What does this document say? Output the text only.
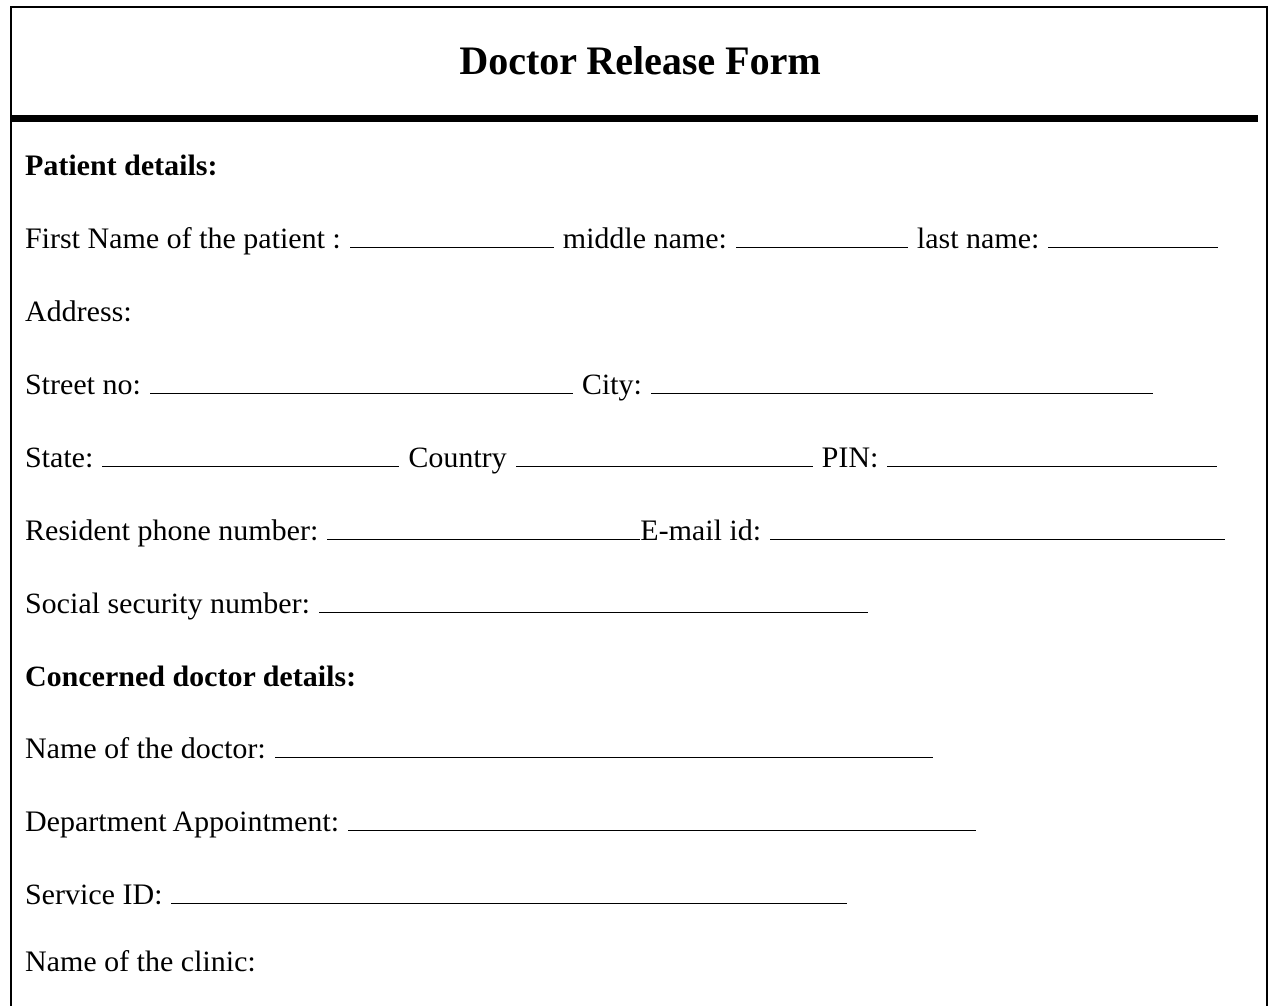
Doctor Release Form
Patient details:
First Name of the patient :	middle name:	last name:
Address:
Street no:	City:
State:	Country	PIN:
Resident phone number:	E-mail id:
Social security number:
Concerned doctor details:
Name of the doctor:
Department Appointment:
Service ID:
Name of the clinic:
